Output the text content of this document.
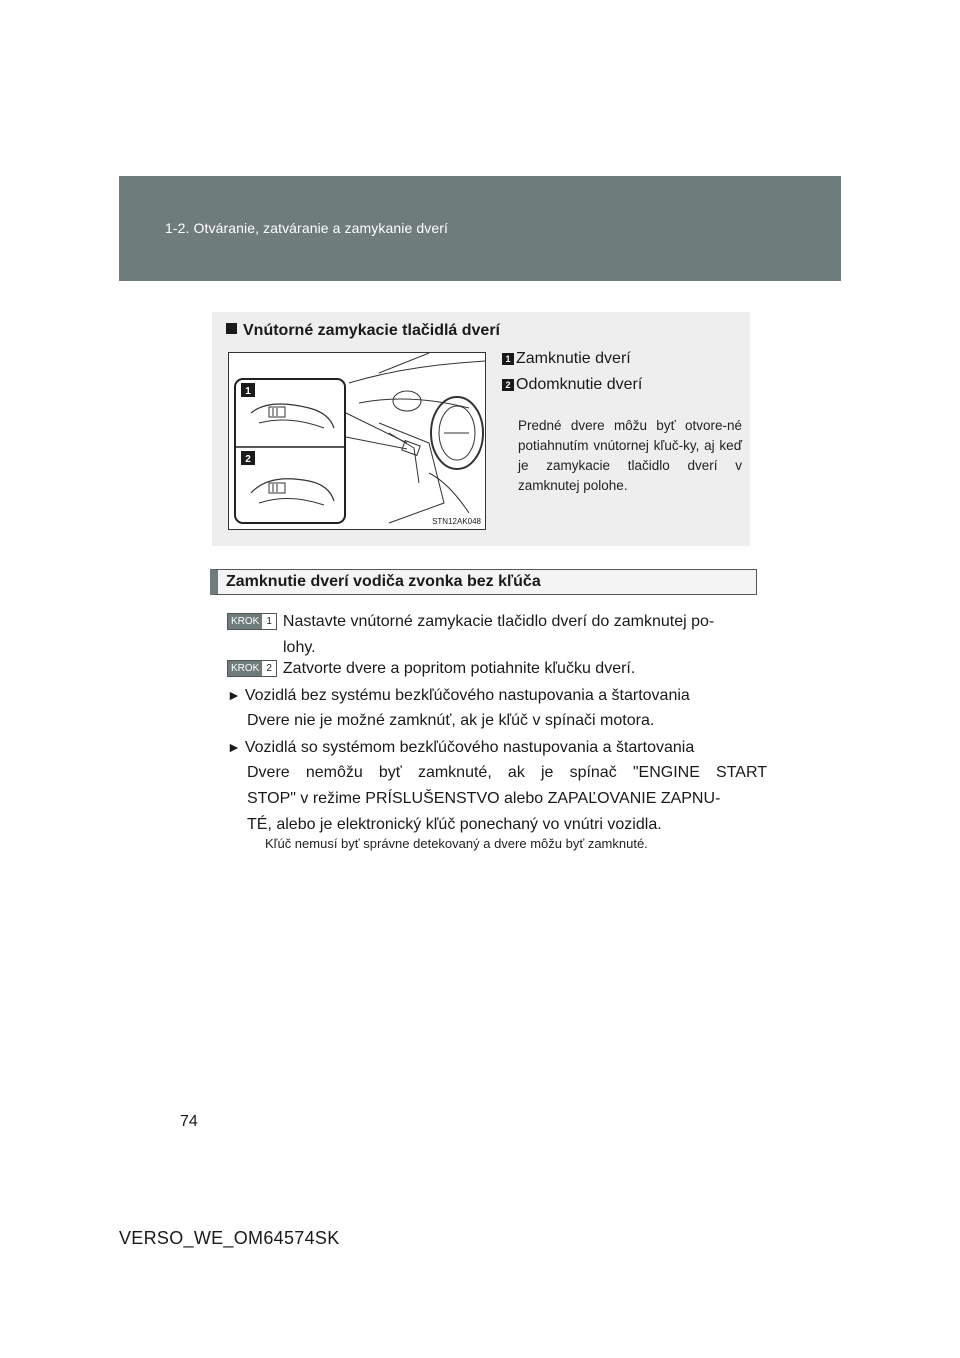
1-2. Otváranie, zatváranie a zamykanie dverí
Vnútorné zamykacie tlačidlá dverí
1
2
STN12AK048
1 Zamknutie dverí
2 Odomknutie dverí
Predné dvere môžu byť otvore-né potiahnutím vnútornej kľuč-ky, aj keď je zamykacie tlačidlo dverí v zamknutej polohe.
Zamknutie dverí vodiča zvonka bez kľúča
KROK 1 Nastavte vnútorné zamykacie tlačidlo dverí do zamknutej po-
lohy.
KROK 2 Zatvorte dvere a popritom potiahnite kľučku dverí.
► Vozidlá bez systému bezkľúčového nastupovania a štartovania
Dvere nie je možné zamknúť, ak je kľúč v spínači motora.
► Vozidlá so systémom bezkľúčového nastupovania a štartovania
Dvere nemôžu byť zamknuté, ak je spínač "ENGINE START
STOP" v režime PRÍSLUŠENSTVO alebo ZAPAĽOVANIE ZAPNU-
TÉ, alebo je elektronický kľúč ponechaný vo vnútri vozidla.
Kľúč nemusí byť správne detekovaný a dvere môžu byť zamknuté.
74
VERSO_WE_OM64574SK
